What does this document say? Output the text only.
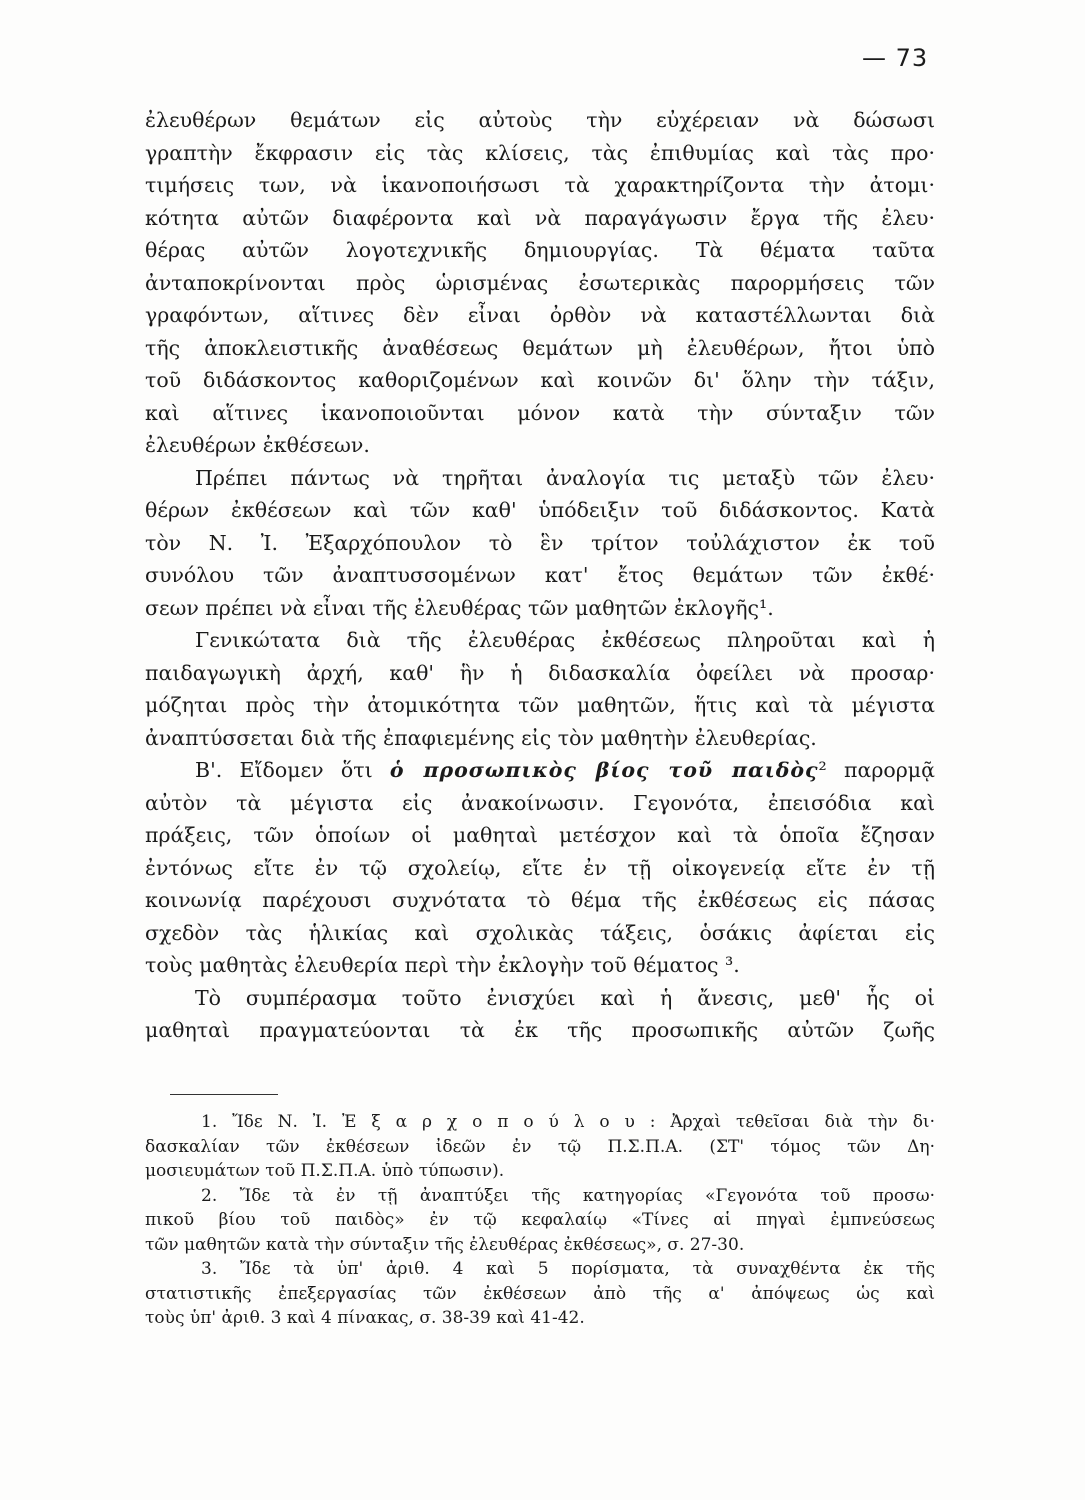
— 73

ἐλευθέρων θεμάτων εἰς αὐτοὺς τὴν εὐχέρειαν νὰ δώσωσι
γραπτὴν ἔκφρασιν εἰς τὰς κλίσεις, τὰς ἐπιθυμίας καὶ τὰς προ·
τιμήσεις των, νὰ ἱκανοποιήσωσι τὰ χαρακτηρίζοντα τὴν ἀτομι·
κότητα αὐτῶν διαφέροντα καὶ νὰ παραγάγωσιν ἔργα τῆς ἐλευ·
θέρας αὐτῶν λογοτεχνικῆς δημιουργίας. Τὰ θέματα ταῦτα
ἀνταποκρίνονται πρὸς ὡρισμένας ἐσωτερικὰς παρορμήσεις τῶν
γραφόντων, αἵτινες δὲν εἶναι ὀρθὸν νὰ καταστέλλωνται διὰ
τῆς ἀποκλειστικῆς ἀναθέσεως θεμάτων μὴ ἐλευθέρων, ἤτοι ὑπὸ
τοῦ διδάσκοντος καθοριζομένων καὶ κοινῶν δι' ὅλην τὴν τάξιν,
καὶ αἵτινες ἱκανοποιοῦνται μόνον κατὰ τὴν σύνταξιν τῶν
ἐλευθέρων ἐκθέσεων.

Πρέπει πάντως νὰ τηρῆται ἀναλογία τις μεταξὺ τῶν ἐλευ·
θέρων ἐκθέσεων καὶ τῶν καθ' ὑπόδειξιν τοῦ διδάσκοντος. Κατὰ
τὸν Ν. Ἰ. Ἐξαρχόπουλον τὸ ἓν τρίτον τοὐλάχιστον ἐκ τοῦ
συνόλου τῶν ἀναπτυσσομένων κατ' ἔτος θεμάτων τῶν ἐκθέ·
σεων πρέπει νὰ εἶναι τῆς ἐλευθέρας τῶν μαθητῶν ἐκλογῆς¹.

Γενικώτατα διὰ τῆς ἐλευθέρας ἐκθέσεως πληροῦται καὶ ἡ
παιδαγωγικὴ ἀρχή, καθ' ἣν ἡ διδασκαλία ὀφείλει νὰ προσαρ·
μόζηται πρὸς τὴν ἀτομικότητα τῶν μαθητῶν, ἥτις καὶ τὰ μέγιστα
ἀναπτύσσεται διὰ τῆς ἐπαφιεμένης εἰς τὸν μαθητὴν ἐλευθερίας.

Β'. Εἴδομεν ὅτι ὁ προσωπικὸς βίος τοῦ παιδὸς² παρορμᾷ
αὐτὸν τὰ μέγιστα εἰς ἀνακοίνωσιν. Γεγονότα, ἐπεισόδια καὶ
πράξεις, τῶν ὁποίων οἱ μαθηταὶ μετέσχον καὶ τὰ ὁποῖα ἔζησαν
ἐντόνως εἴτε ἐν τῷ σχολείῳ, εἴτε ἐν τῇ οἰκογενείᾳ εἴτε ἐν τῇ
κοινωνίᾳ παρέχουσι συχνότατα τὸ θέμα τῆς ἐκθέσεως εἰς πάσας
σχεδὸν τὰς ἡλικίας καὶ σχολικὰς τάξεις, ὁσάκις ἀφίεται εἰς
τοὺς μαθητὰς ἐλευθερία περὶ τὴν ἐκλογὴν τοῦ θέματος ³.

Τὸ συμπέρασμα τοῦτο ἐνισχύει καὶ ἡ ἄνεσις, μεθ' ἧς οἱ
μαθηταὶ πραγματεύονται τὰ ἐκ τῆς προσωπικῆς αὐτῶν ζωῆς

1. Ἴδε Ν. Ἰ. Ἐ ξ α ρ χ ο π ο ύ λ ο υ : Ἀρχαὶ τεθεῖσαι διὰ τὴν δι·
δασκαλίαν τῶν ἐκθέσεων ἰδεῶν ἐν τῷ Π.Σ.Π.Α. (ΣΤ' τόμος τῶν Δη·
μοσιευμάτων τοῦ Π.Σ.Π.Α. ὑπὸ τύπωσιν).
2. Ἴδε τὰ ἐν τῇ ἀναπτύξει τῆς κατηγορίας «Γεγονότα τοῦ προσω·
πικοῦ βίου τοῦ παιδὸς» ἐν τῷ κεφαλαίῳ «Τίνες αἱ πηγαὶ ἐμπνεύσεως
τῶν μαθητῶν κατὰ τὴν σύνταξιν τῆς ἐλευθέρας ἐκθέσεως», σ. 27-30.
3. Ἴδε τὰ ὑπ' ἀριθ. 4 καὶ 5 πορίσματα, τὰ συναχθέντα ἐκ τῆς
στατιστικῆς ἐπεξεργασίας τῶν ἐκθέσεων ἀπὸ τῆς α' ἀπόψεως ὡς καὶ
τοὺς ὑπ' ἀριθ. 3 καὶ 4 πίνακας, σ. 38-39 καὶ 41-42.
